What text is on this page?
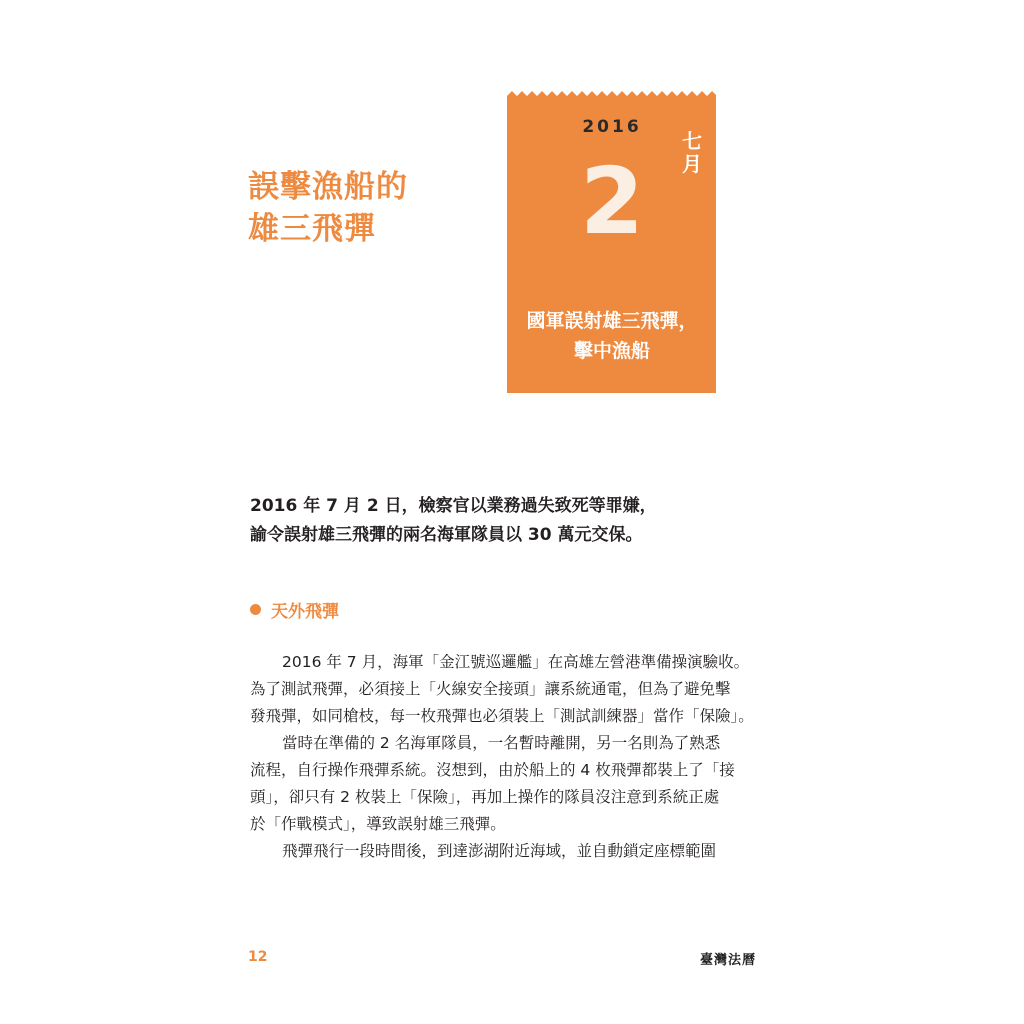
誤擊漁船的
雄三飛彈
2016
七
月
2
國軍誤射雄三飛彈，
擊中漁船

2016 年 7 月 2 日，檢察官以業務過失致死等罪嫌，
諭令誤射雄三飛彈的兩名海軍隊員以 30 萬元交保。

天外飛彈

2016 年 7 月，海軍「金江號巡邏艦」在高雄左營港準備操演驗收。
為了測試飛彈，必須接上「火線安全接頭」讓系統通電，但為了避免擊
發飛彈，如同槍枝，每一枚飛彈也必須裝上「測試訓練器」當作「保險」。
當時在準備的 2 名海軍隊員，一名暫時離開，另一名則為了熟悉
流程，自行操作飛彈系統。沒想到，由於船上的 4 枚飛彈都裝上了「接
頭」，卻只有 2 枚裝上「保險」，再加上操作的隊員沒注意到系統正處
於「作戰模式」，導致誤射雄三飛彈。
飛彈飛行一段時間後，到達澎湖附近海域，並自動鎖定座標範圍

12	臺灣法曆
